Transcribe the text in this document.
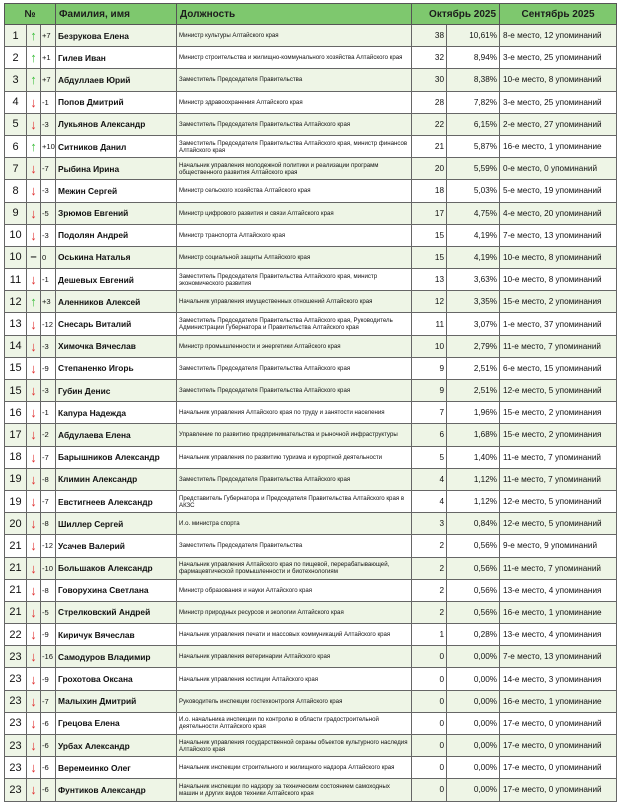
№			Фамилия, имя	Должность	Октябрь 2025		Сентябрь 2025
1	↑	+7	Безрукова Елена	Министр культуры Алтайского края	38	10,61%	8-е место, 12 упоминаний
2	↑	+1	Гилев Иван	Министр строительства и жилищно-коммунального хозяйства Алтайского края	32	8,94%	3-е место, 25 упоминаний
3	↑	+7	Абдуллаев Юрий	Заместитель Председателя Правительства	30	8,38%	10-е место, 8 упоминаний
4	↓	-1	Попов Дмитрий	Министр здравоохранения Алтайского края	28	7,82%	3-е место, 25 упоминаний
5	↓	-3	Лукьянов Александр	Заместитель Председателя Правительства Алтайского края	22	6,15%	2-е место, 27 упоминаний
6	↑	+10	Ситников Данил	Заместитель Председателя Правительства Алтайского края, министр финансов Алтайского края	21	5,87%	16-е место, 1 упоминание
7	↓	-7	Рыбина Ирина	Начальник управления молодежной политики и реализации программ общественного развития Алтайского края	20	5,59%	0-е место, 0 упоминаний
8	↓	-3	Межин Сергей	Министр сельского хозяйства Алтайского края	18	5,03%	5-е место, 19 упоминаний
9	↓	-5	Зрюмов Евгений	Министр цифрового развития и связи Алтайского края	17	4,75%	4-е место, 20 упоминаний
10	↓	-3	Подолян Андрей	Министр транспорта Алтайского края	15	4,19%	7-е место, 13 упоминаний
10	–	0	Оськина Наталья	Министр социальной защиты Алтайского края	15	4,19%	10-е место, 8 упоминаний
11	↓	-1	Дешевых Евгений	Заместитель Председателя Правительства Алтайского края, министр экономического развития	13	3,63%	10-е место, 8 упоминаний
12	↑	+3	Аленников Алексей	Начальник управления имущественных отношений Алтайского края	12	3,35%	15-е место, 2 упоминания
13	↓	-12	Снесарь Виталий	Заместитель Председателя Правительства Алтайского края, Руководитель Администрации Губернатора и Правительства Алтайского края	11	3,07%	1-е место, 37 упоминаний
14	↓	-3	Химочка Вячеслав	Министр промышленности и энергетики Алтайского края	10	2,79%	11-е место, 7 упоминаний
15	↓	-9	Степаненко Игорь	Заместитель Председателя Правительства Алтайского края	9	2,51%	6-е место, 15 упоминаний
15	↓	-3	Губин Денис	Заместитель Председателя Правительства Алтайского края	9	2,51%	12-е место, 5 упоминаний
16	↓	-1	Капура Надежда	Начальник управления Алтайского края по труду и занятости населения	7	1,96%	15-е место, 2 упоминания
17	↓	-2	Абдулаева Елена	Управление по развитию предпринимательства и рыночной инфраструктуры	6	1,68%	15-е место, 2 упоминания
18	↓	-7	Барышников Александр	Начальник управления по развитию туризма и курортной деятельности	5	1,40%	11-е место, 7 упоминаний
19	↓	-8	Климин Александр	Заместитель Председателя Правительства Алтайского края	4	1,12%	11-е место, 7 упоминаний
19	↓	-7	Евстигнеев Александр	Представитель Губернатора и Председателя Правительства Алтайского края в АКЗС	4	1,12%	12-е место, 5 упоминаний
20	↓	-8	Шиллер Сергей	И.о. министра спорта	3	0,84%	12-е место, 5 упоминаний
21	↓	-12	Усачев Валерий	Заместитель Председателя Правительства	2	0,56%	9-е место, 9 упоминаний
21	↓	-10	Большаков Александр	Начальник управления Алтайского края по пищевой, перерабатывающей, фармацевтической промышленности и биотехнологиям	2	0,56%	11-е место, 7 упоминаний
21	↓	-8	Говорухина Светлана	Министр образования и науки Алтайского края	2	0,56%	13-е место, 4 упоминания
21	↓	-5	Стрелковский Андрей	Министр природных ресурсов и экологии Алтайского края	2	0,56%	16-е место, 1 упоминание
22	↓	-9	Киричук Вячеслав	Начальник управления печати и массовых коммуникаций Алтайского края	1	0,28%	13-е место, 4 упоминания
23	↓	-16	Самодуров Владимир	Начальник управления ветеринарии Алтайского края	0	0,00%	7-е место, 13 упоминаний
23	↓	-9	Грохотова Оксана	Начальник управления юстиции Алтайского края	0	0,00%	14-е место, 3 упоминания
23	↓	-7	Малыхин Дмитрий	Руководитель инспекции гостехконтроля Алтайского края	0	0,00%	16-е место, 1 упоминание
23	↓	-6	Грецова Елена	И.о. начальника инспекции по контролю в области градостроительной деятельности Алтайского края	0	0,00%	17-е место, 0 упоминаний
23	↓	-6	Урбах Александр	Начальник управления государственной охраны объектов культурного наследия Алтайского края	0	0,00%	17-е место, 0 упоминаний
23	↓	-6	Веремеинко Олег	Начальник инспекции строительного и жилищного надзора Алтайского края	0	0,00%	17-е место, 0 упоминаний
23	↓	-6	Фунтиков Александр	Начальник инспекции по надзору за техническим состоянием самоходных машин и других видов техники Алтайского края	0	0,00%	17-е место, 0 упоминаний
